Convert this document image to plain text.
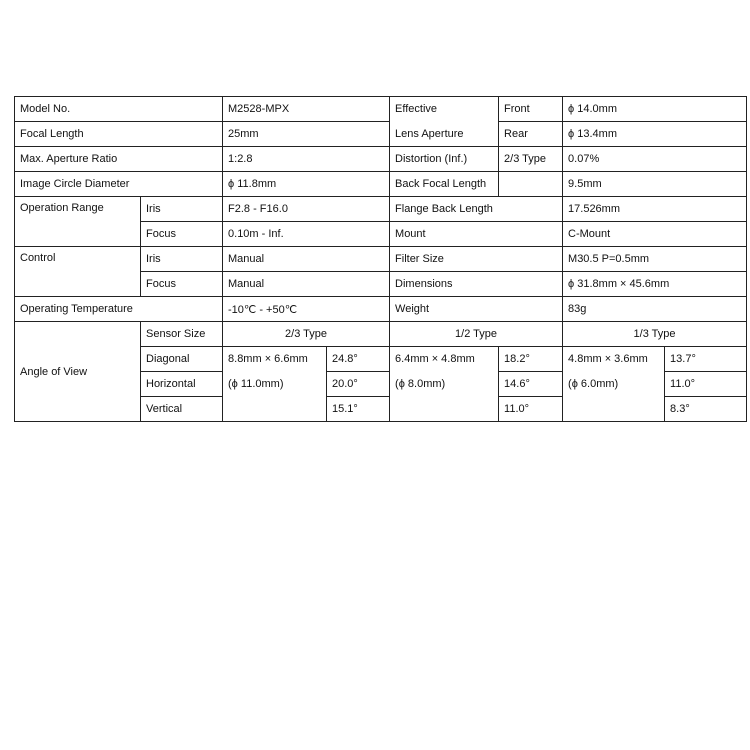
Model No.		M2528-MPX		Effective	Front	ϕ 14.0mm	
Focal Length		25mm		Lens Aperture	Rear	ϕ 13.4mm	
Max. Aperture Ratio		1:2.8		Distortion (Inf.)	2/3 Type	0.07%	
Image Circle Diameter		ϕ 11.8mm		Back Focal Length		9.5mm	
Operation Range	Iris	F2.8 - F16.0		Flange Back Length		17.526mm	
	Focus	0.10m - Inf.		Mount		C-Mount	
Control	Iris	Manual		Filter Size		M30.5 P=0.5mm	
	Focus	Manual		Dimensions		ϕ 31.8mm × 45.6mm	
Operating Temperature		-10℃ - +50℃		Weight		83g	
Angle of View	Sensor Size	2/3 Type		1/2 Type		1/3 Type	
	Diagonal	8.8mm × 6.6mm	24.8°	6.4mm × 4.8mm	18.2°	4.8mm × 3.6mm	13.7°
	Horizontal	(ϕ 11.0mm)	20.0°	(ϕ 8.0mm)	14.6°	(ϕ 6.0mm)	11.0°
	Vertical		15.1°		11.0°		8.3°
